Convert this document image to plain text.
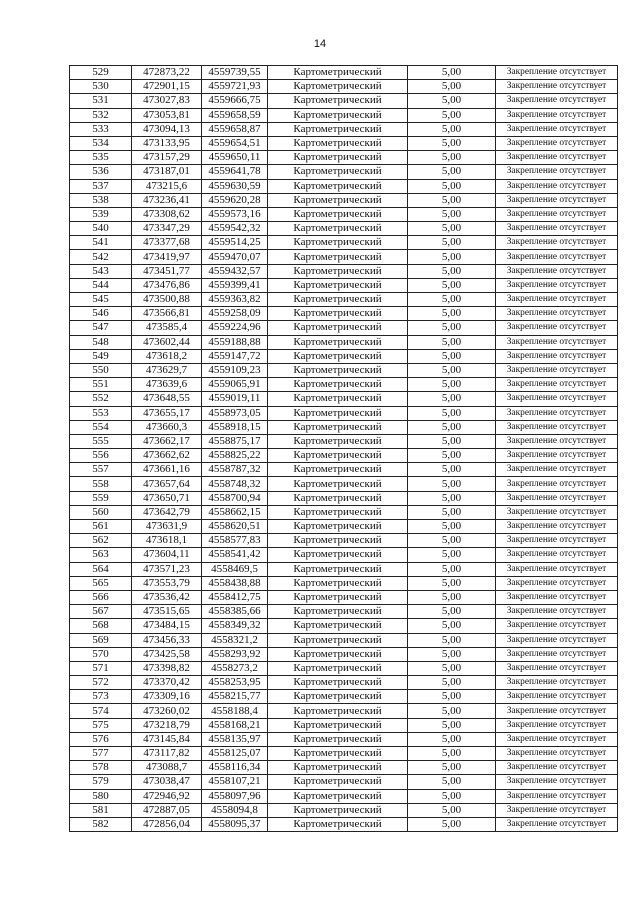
14
529	472873,22	4559739,55	Картометрический	5,00	Закрепление отсутствует
530	472901,15	4559721,93	Картометрический	5,00	Закрепление отсутствует
531	473027,83	4559666,75	Картометрический	5,00	Закрепление отсутствует
532	473053,81	4559658,59	Картометрический	5,00	Закрепление отсутствует
533	473094,13	4559658,87	Картометрический	5,00	Закрепление отсутствует
534	473133,95	4559654,51	Картометрический	5,00	Закрепление отсутствует
535	473157,29	4559650,11	Картометрический	5,00	Закрепление отсутствует
536	473187,01	4559641,78	Картометрический	5,00	Закрепление отсутствует
537	473215,6	4559630,59	Картометрический	5,00	Закрепление отсутствует
538	473236,41	4559620,28	Картометрический	5,00	Закрепление отсутствует
539	473308,62	4559573,16	Картометрический	5,00	Закрепление отсутствует
540	473347,29	4559542,32	Картометрический	5,00	Закрепление отсутствует
541	473377,68	4559514,25	Картометрический	5,00	Закрепление отсутствует
542	473419,97	4559470,07	Картометрический	5,00	Закрепление отсутствует
543	473451,77	4559432,57	Картометрический	5,00	Закрепление отсутствует
544	473476,86	4559399,41	Картометрический	5,00	Закрепление отсутствует
545	473500,88	4559363,82	Картометрический	5,00	Закрепление отсутствует
546	473566,81	4559258,09	Картометрический	5,00	Закрепление отсутствует
547	473585,4	4559224,96	Картометрический	5,00	Закрепление отсутствует
548	473602,44	4559188,88	Картометрический	5,00	Закрепление отсутствует
549	473618,2	4559147,72	Картометрический	5,00	Закрепление отсутствует
550	473629,7	4559109,23	Картометрический	5,00	Закрепление отсутствует
551	473639,6	4559065,91	Картометрический	5,00	Закрепление отсутствует
552	473648,55	4559019,11	Картометрический	5,00	Закрепление отсутствует
553	473655,17	4558973,05	Картометрический	5,00	Закрепление отсутствует
554	473660,3	4558918,15	Картометрический	5,00	Закрепление отсутствует
555	473662,17	4558875,17	Картометрический	5,00	Закрепление отсутствует
556	473662,62	4558825,22	Картометрический	5,00	Закрепление отсутствует
557	473661,16	4558787,32	Картометрический	5,00	Закрепление отсутствует
558	473657,64	4558748,32	Картометрический	5,00	Закрепление отсутствует
559	473650,71	4558700,94	Картометрический	5,00	Закрепление отсутствует
560	473642,79	4558662,15	Картометрический	5,00	Закрепление отсутствует
561	473631,9	4558620,51	Картометрический	5,00	Закрепление отсутствует
562	473618,1	4558577,83	Картометрический	5,00	Закрепление отсутствует
563	473604,11	4558541,42	Картометрический	5,00	Закрепление отсутствует
564	473571,23	4558469,5	Картометрический	5,00	Закрепление отсутствует
565	473553,79	4558438,88	Картометрический	5,00	Закрепление отсутствует
566	473536,42	4558412,75	Картометрический	5,00	Закрепление отсутствует
567	473515,65	4558385,66	Картометрический	5,00	Закрепление отсутствует
568	473484,15	4558349,32	Картометрический	5,00	Закрепление отсутствует
569	473456,33	4558321,2	Картометрический	5,00	Закрепление отсутствует
570	473425,58	4558293,92	Картометрический	5,00	Закрепление отсутствует
571	473398,82	4558273,2	Картометрический	5,00	Закрепление отсутствует
572	473370,42	4558253,95	Картометрический	5,00	Закрепление отсутствует
573	473309,16	4558215,77	Картометрический	5,00	Закрепление отсутствует
574	473260,02	4558188,4	Картометрический	5,00	Закрепление отсутствует
575	473218,79	4558168,21	Картометрический	5,00	Закрепление отсутствует
576	473145,84	4558135,97	Картометрический	5,00	Закрепление отсутствует
577	473117,82	4558125,07	Картометрический	5,00	Закрепление отсутствует
578	473088,7	4558116,34	Картометрический	5,00	Закрепление отсутствует
579	473038,47	4558107,21	Картометрический	5,00	Закрепление отсутствует
580	472946,92	4558097,96	Картометрический	5,00	Закрепление отсутствует
581	472887,05	4558094,8	Картометрический	5,00	Закрепление отсутствует
582	472856,04	4558095,37	Картометрический	5,00	Закрепление отсутствует
